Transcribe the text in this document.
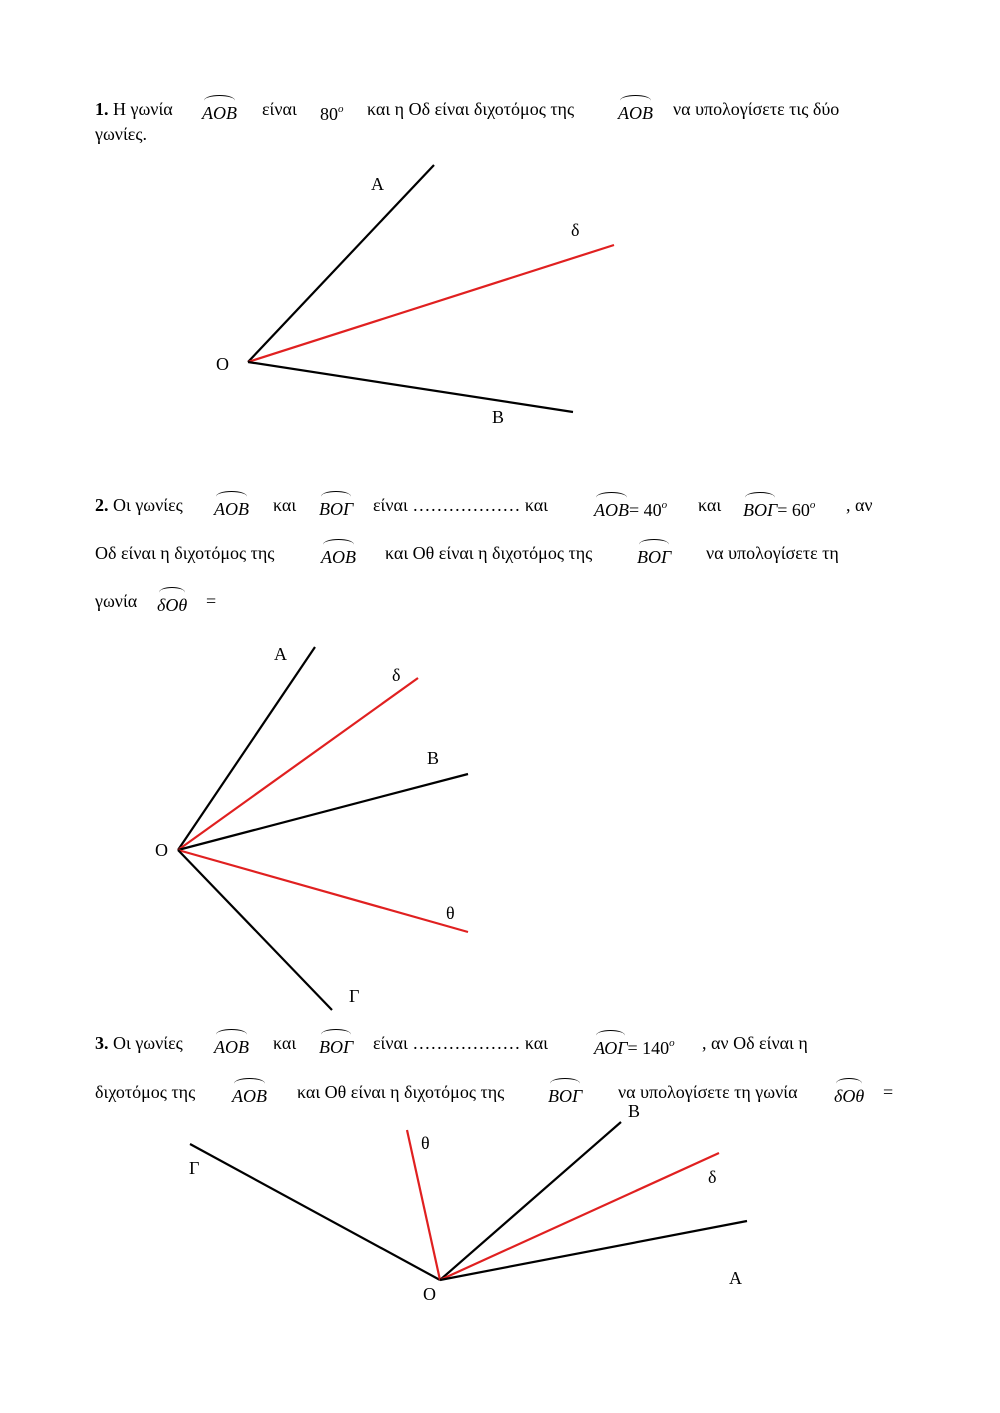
1. Η γωνία AOB είναι 80$^o$ και η Οδ είναι διχοτόμος της AOB να υπολογίσετε τις δύο
γωνίες.
Α
δ
Ο
Β
2. Οι γωνίες AOB και ΒΟΓ είναι ……………… και	$AOB= 40^o$ και $BO\Gamma= 60^o$ , αν
Οδ είναι η διχοτόμος της	AOB και Οθ είναι η διχοτόμος της ΒΟΓ να υπολογίσετε τη
γωνία δΟθ =
Α
δ
Β
Ο
θ
Γ
3. Οι γωνίες AOB και ΒΟΓ είναι ……………… και	$AO\Gamma= 140^o$ , αν Οδ είναι η
διχοτόμος της AOB και Οθ είναι η διχοτόμος της ΒΟΓ να υπολογίσετε τη γωνία δΟθ =
Β
θ
Γ	δ
Α
Ο
